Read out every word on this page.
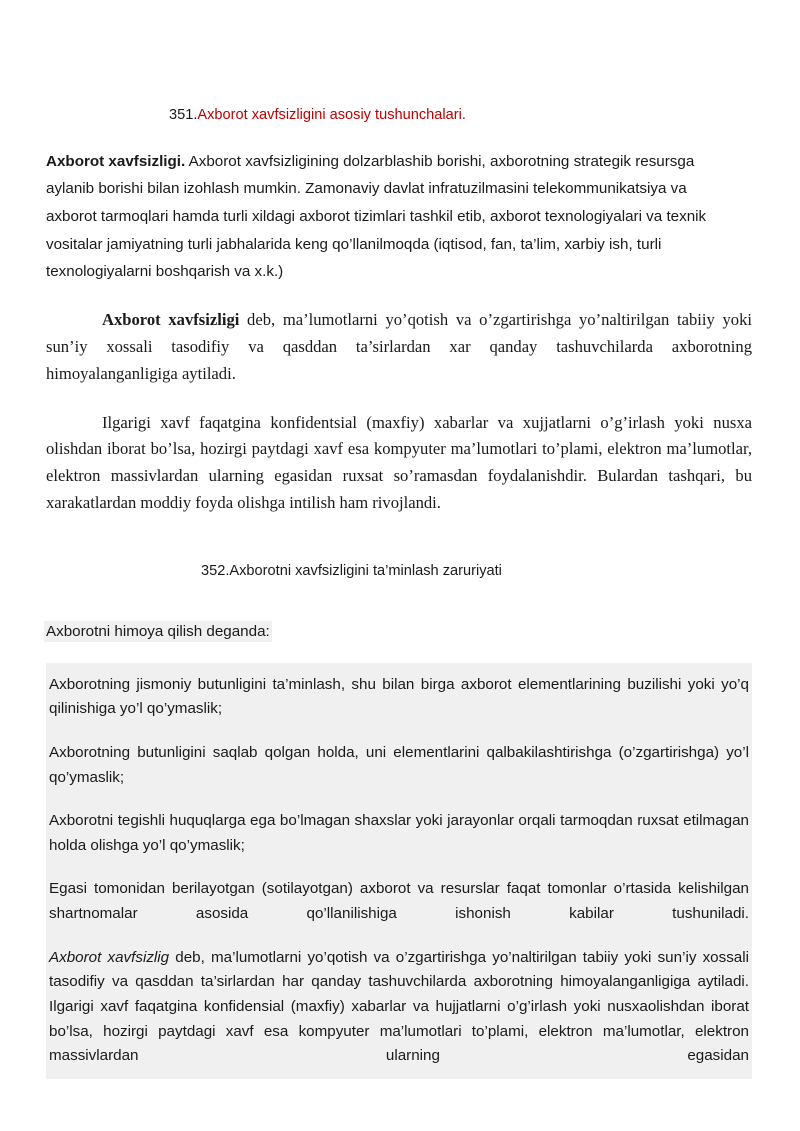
351.Axborot xavfsizligini asosiy tushunchalari.

Axborot xavfsizligi. Axborot xavfsizligining dolzarblashib borishi, axborotning strategik resursga aylanib borishi bilan izohlash mumkin. Zamonaviy davlat infratuzilmasini telekommunikatsiya va axborot tarmoqlari hamda turli xildagi axborot tizimlari tashkil etib, axborot texnologiyalari va texnik vositalar jamiyatning turli jabhalarida keng qo’llanilmoqda (iqtisod, fan, ta’lim, xarbiy ish, turli texnologiyalarni boshqarish va x.k.)

Axborot xavfsizligi deb, ma’lumotlarni yo’qotish va o’zgartirishga yo’naltirilgan tabiiy yoki sun’iy xossali tasodifiy va qasddan ta’sirlardan xar qanday tashuvchilarda axborotning himoyalanganligiga aytiladi.

Ilgarigi xavf faqatgina konfidentsial (maxfiy) xabarlar va xujjatlarni o’g’irlash yoki nusxa olishdan iborat bo’lsa, hozirgi paytdagi xavf esa kompyuter ma’lumotlari to’plami, elektron ma’lumotlar, elektron massivlardan ularning egasidan ruxsat so’ramasdan foydalanishdir. Bulardan tashqari, bu xarakatlardan moddiy foyda olishga intilish ham rivojlandi.

352.Axborotni xavfsizligini ta’minlash zaruriyati
Axborotni himoya qilish deganda:

Axborotning jismoniy butunligini ta’minlash, shu bilan birga axborot elementlarining buzilishi yoki yo’q qilinishiga yo’l qo’ymaslik;

Axborotning butunligini saqlab qolgan holda, uni elementlarini qalbakilashtirishga (o’zgartirishga) yo’l qo’ymaslik;

Axborotni tegishli huquqlarga ega bo’lmagan shaxslar yoki jarayonlar orqali tarmoqdan ruxsat etilmagan holda olishga yo’l qo’ymaslik;

Egasi tomonidan berilayotgan (sotilayotgan) axborot va resurslar faqat tomonlar o’rtasida kelishilgan shartnomalar asosida qo’llanilishiga ishonish kabilar tushuniladi.

Axborot xavfsizlig deb, ma’lumotlarni yo’qotish va o’zgartirishga yo’naltirilgan tabiiy yoki sun’iy xossali tasodifiy va qasddan ta’sirlardan har qanday tashuvchilarda axborotning himoyalanganligiga aytiladi. Ilgarigi xavf faqatgina konfidensial (maxfiy) xabarlar va hujjatlarni o’g’irlash yoki nusxaolishdan iborat bo’lsa, hozirgi paytdagi xavf esa kompyuter ma’lumotlari to’plami, elektron ma’lumotlar, elektron massivlardan ularning egasidan
